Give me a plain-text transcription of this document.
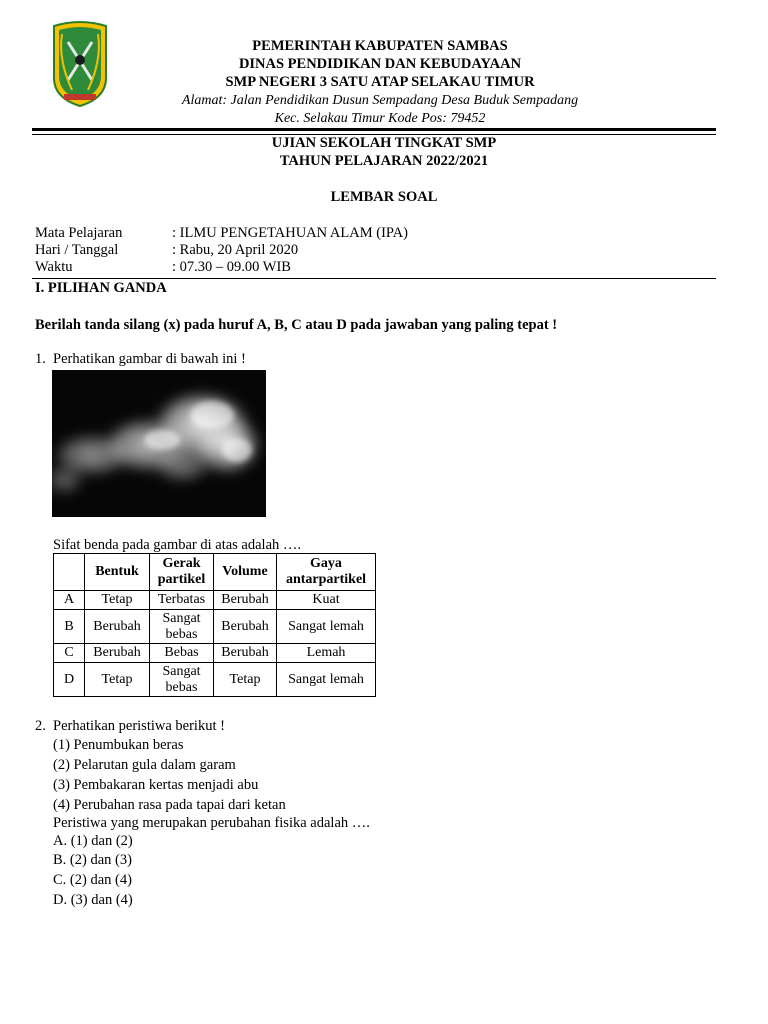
PEMERINTAH KABUPATEN SAMBAS
DINAS PENDIDIKAN DAN KEBUDAYAAN
SMP NEGERI 3 SATU ATAP SELAKAU TIMUR
Alamat: Jalan Pendidikan Dusun Sempadang Desa Buduk Sempadang
Kec. Selakau Timur Kode Pos: 79452
UJIAN SEKOLAH TINGKAT SMP
TAHUN PELAJARAN 2022/2021
LEMBAR SOAL
Mata Pelajaran	: ILMU PENGETAHUAN ALAM (IPA)
Hari / Tanggal	: Rabu, 20 April 2020
Waktu	: 07.30 – 09.00 WIB
I. PILIHAN GANDA
Berilah tanda silang (x) pada huruf A, B, C atau D pada jawaban yang paling tepat !
1. Perhatikan gambar di bawah ini !
Sifat benda pada gambar di atas adalah ….
	Bentuk	Gerak partikel	Volume	Gaya antarpartikel
A	Tetap	Terbatas	Berubah	Kuat
B	Berubah	Sangat bebas	Berubah	Sangat lemah
C	Berubah	Bebas	Berubah	Lemah
D	Tetap	Sangat bebas	Tetap	Sangat lemah
2. Perhatikan peristiwa berikut !
(1) Penumbukan beras
(2) Pelarutan gula dalam garam
(3) Pembakaran kertas menjadi abu
(4) Perubahan rasa pada tapai dari ketan
Peristiwa yang merupakan perubahan fisika adalah ….
A. (1) dan (2)
B. (2) dan (3)
C. (2) dan (4)
D. (3) dan (4)
